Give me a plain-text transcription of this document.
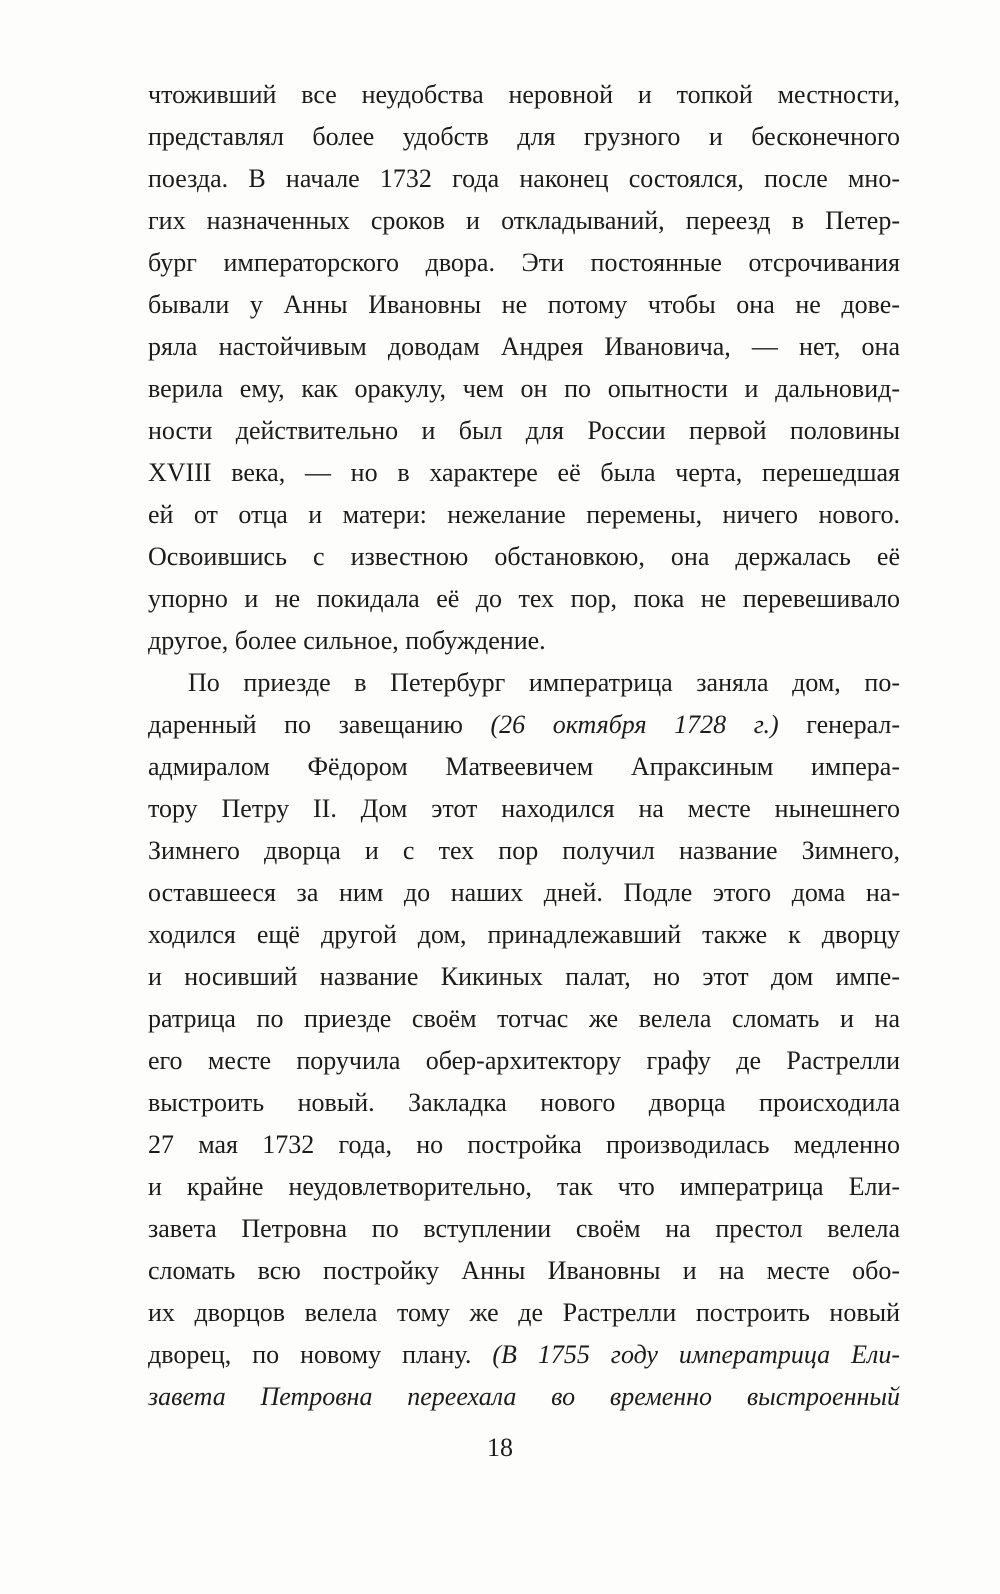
чтоживший все неудобства неровной и топкой местности,
представлял более удобств для грузного и бесконечного
поезда. В начале 1732 года наконец состоялся, после мно-
гих назначенных сроков и откладываний, переезд в Петер-
бург императорского двора. Эти постоянные отсрочивания
бывали у Анны Ивановны не потому чтобы она не дове-
ряла настойчивым доводам Андрея Ивановича, — нет, она
верила ему, как оракулу, чем он по опытности и дальновид-
ности действительно и был для России первой половины
XVIII века, — но в характере её была черта, перешедшая
ей от отца и матери: нежелание перемены, ничего нового.
Освоившись с известною обстановкою, она держалась её
упорно и не покидала её до тех пор, пока не перевешивало
другое, более сильное, побуждение.
По приезде в Петербург императрица заняла дом, по-
даренный по завещанию (26 октября 1728 г.) генерал-
адмиралом Фёдором Матвеевичем Апраксиным импера-
тору Петру II. Дом этот находился на месте нынешнего
Зимнего дворца и с тех пор получил название Зимнего,
оставшееся за ним до наших дней. Подле этого дома на-
ходился ещё другой дом, принадлежавший также к дворцу
и носивший название Кикиных палат, но этот дом импе-
ратрица по приезде своём тотчас же велела сломать и на
его месте поручила обер-архитектору графу де Растрелли
выстроить новый. Закладка нового дворца происходила
27 мая 1732 года, но постройка производилась медленно
и крайне неудовлетворительно, так что императрица Ели-
завета Петровна по вступлении своём на престол велела
сломать всю постройку Анны Ивановны и на месте обо-
их дворцов велела тому же де Растрелли построить новый
дворец, по новому плану. (В 1755 году императрица Ели-
завета Петровна переехала во временно выстроенный
18
